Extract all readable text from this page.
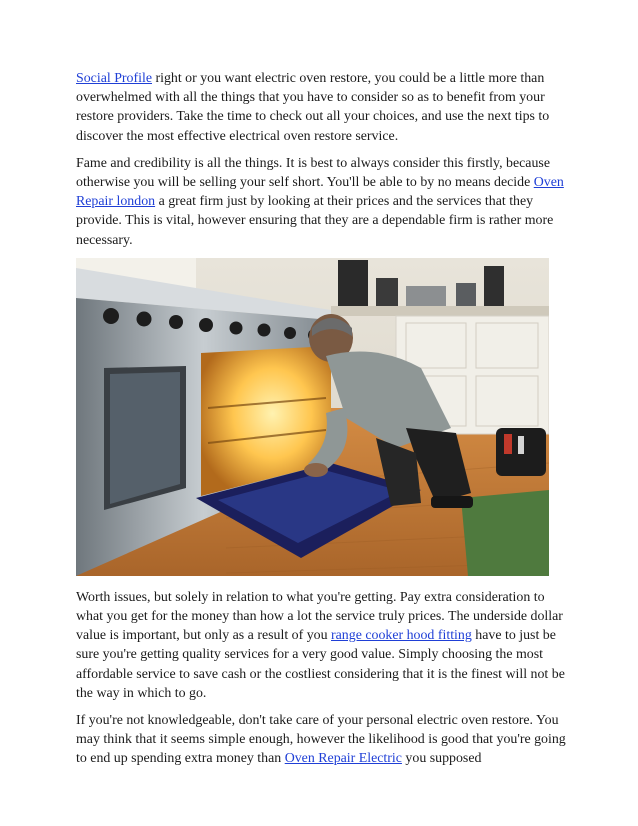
Social Profile right or you want electric oven restore, you could be a little more than overwhelmed with all the things that you have to consider so as to benefit from your restore providers. Take the time to check out all your choices, and use the next tips to discover the most effective electrical oven restore service.

Fame and credibility is all the things. It is best to always consider this firstly, because otherwise you will be selling your self short. You'll be able to by no means decide Oven Repair london a great firm just by looking at their prices and the services that they provide. This is vital, however ensuring that they are a dependable firm is rather more necessary.

Worth issues, but solely in relation to what you're getting. Pay extra consideration to what you get for the money than how a lot the service truly prices. The underside dollar value is important, but only as a result of you range cooker hood fitting have to just be sure you're getting quality services for a very good value. Simply choosing the most affordable service to save cash or the costliest considering that it is the finest will not be the way in which to go.

If you're not knowledgeable, don't take care of your personal electric oven restore. You may think that it seems simple enough, however the likelihood is good that you're going to end up spending extra money than Oven Repair Electric you supposed
